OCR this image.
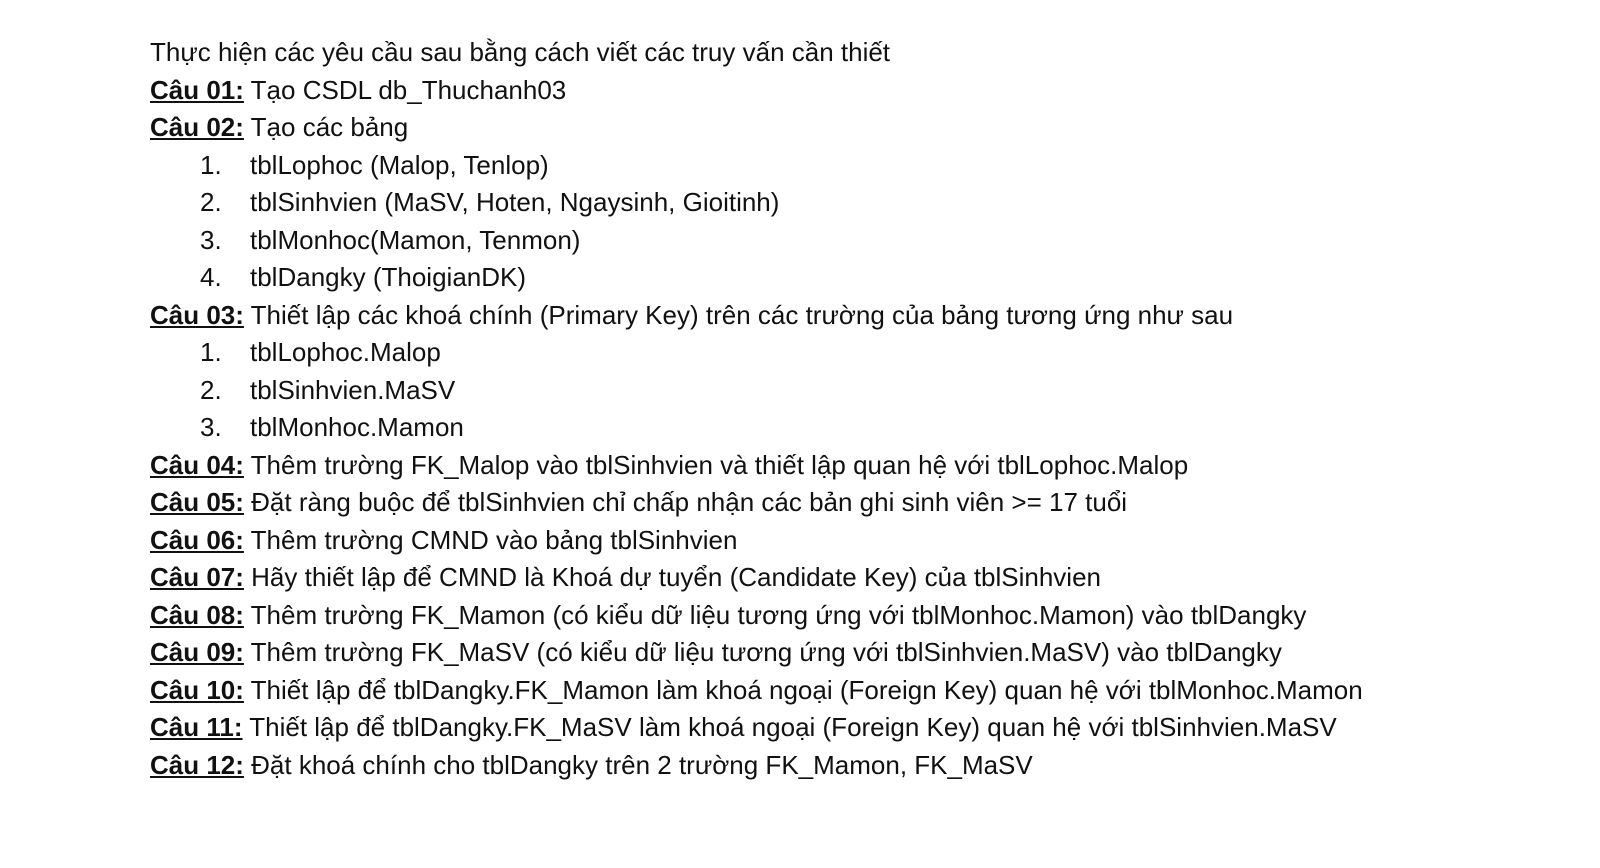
Thực hiện các yêu cầu sau bằng cách viết các truy vấn cần thiết
Câu 01: Tạo CSDL db_Thuchanh03
Câu 02: Tạo các bảng
1.	tblLophoc (Malop, Tenlop)
2.	tblSinhvien (MaSV, Hoten, Ngaysinh, Gioitinh)
3.	tblMonhoc(Mamon, Tenmon)
4.	tblDangky (ThoigianDK)
Câu 03: Thiết lập các khoá chính (Primary Key) trên các trường của bảng tương ứng như sau
1.	tblLophoc.Malop
2.	tblSinhvien.MaSV
3.	tblMonhoc.Mamon
Câu 04: Thêm trường FK_Malop vào tblSinhvien và thiết lập quan hệ với tblLophoc.Malop
Câu 05: Đặt ràng buộc để tblSinhvien chỉ chấp nhận các bản ghi sinh viên >= 17 tuổi
Câu 06: Thêm trường CMND vào bảng tblSinhvien
Câu 07: Hãy thiết lập để CMND là Khoá dự tuyển (Candidate Key) của tblSinhvien
Câu 08: Thêm trường FK_Mamon (có kiểu dữ liệu tương ứng với tblMonhoc.Mamon) vào tblDangky
Câu 09: Thêm trường FK_MaSV (có kiểu dữ liệu tương ứng với tblSinhvien.MaSV) vào tblDangky
Câu 10: Thiết lập để tblDangky.FK_Mamon làm khoá ngoại (Foreign Key) quan hệ với tblMonhoc.Mamon
Câu 11: Thiết lập để tblDangky.FK_MaSV làm khoá ngoại (Foreign Key) quan hệ với tblSinhvien.MaSV
Câu 12: Đặt khoá chính cho tblDangky trên 2 trường FK_Mamon, FK_MaSV
